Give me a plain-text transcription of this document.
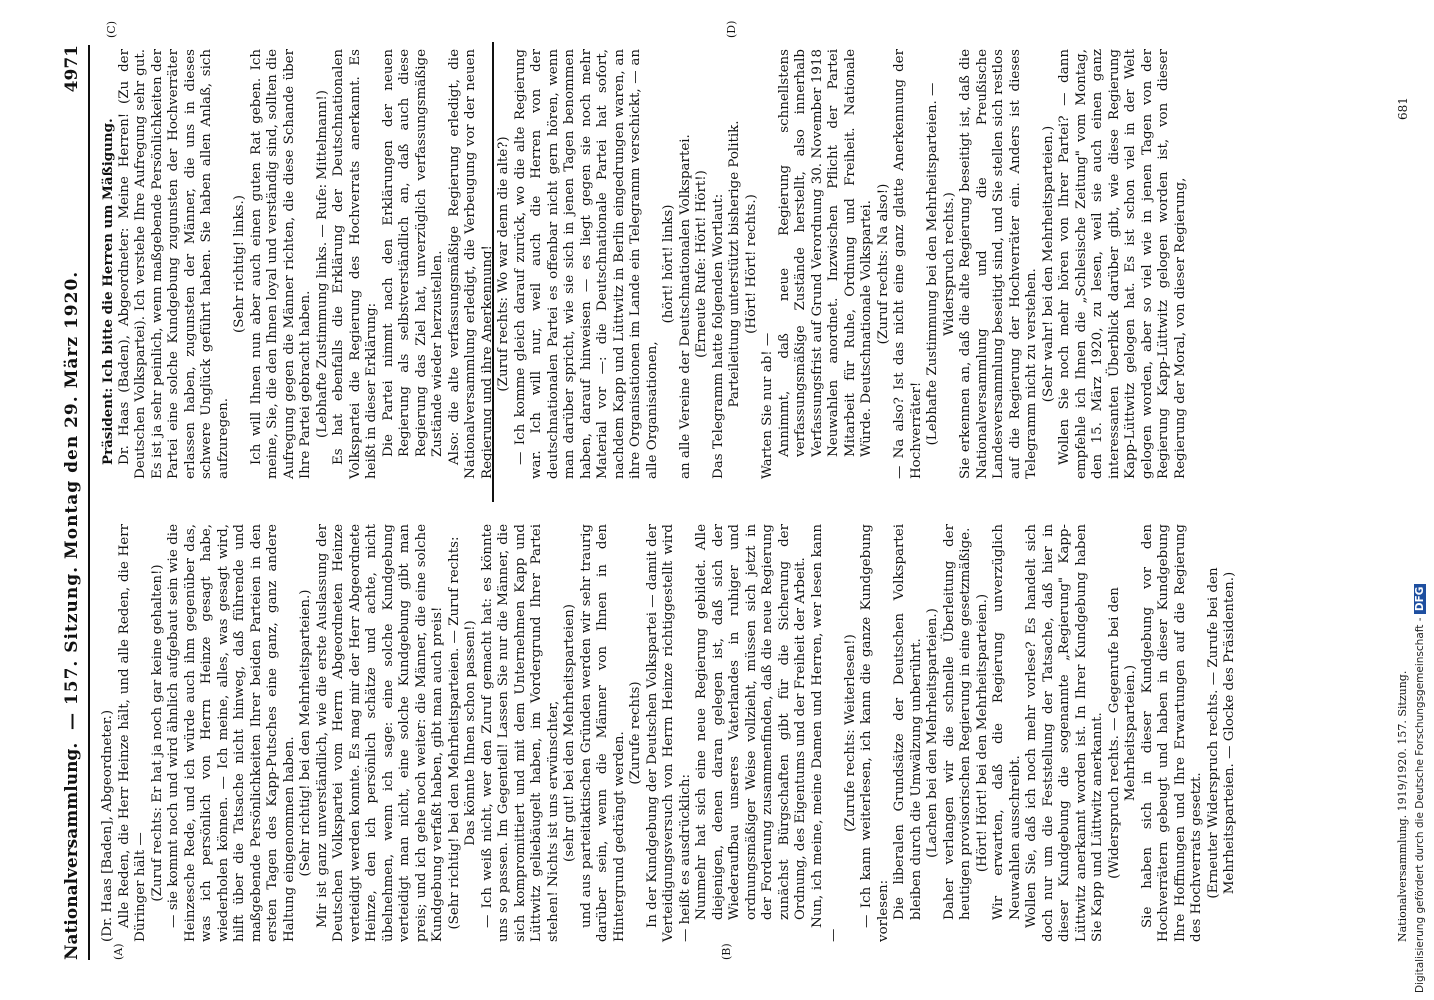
Nationalversammlung.
— 157. Sitzung. Montag den 29. März 1920.
4971
(A)	(B)
(C)	(D)

(Dr. Haas [Baden], Abgeordneter.) Alle Reden, die Herr Heinze hält, und alle Reden, die Herr Düringer hält — (Zuruf rechts: Er hat ja noch gar keine gehalten!) — sie kommt noch und wird ähnlich aufgebaut sein wie die Heinzesche Rede, und ich würde auch ihm gegenüber das, was ich persönlich von Herrn Heinze gesagt habe, wiederholen können. — Ich meine, alles, was gesagt wird, hilft über die Tatsache nicht hinweg, daß führende und maßgebende Persönlichkeiten Ihrer beiden Parteien in den ersten Tagen des Kapp-Putsches eine ganz, ganz andere Haltung eingenommen haben. (Sehr richtig! bei den Mehrheitsparteien.) Mir ist ganz unverständlich, wie die erste Auslassung der Deutschen Volkspartei vom Herrn Abgeordneten Heinze verteidigt werden konnte. Es mag mir der Herr Abgeordnete Heinze, den ich persönlich schätze und achte, nicht übelnehmen, wenn ich sage: eine solche Kundgebung verteidigt man nicht, eine solche Kundgebung gibt man preis; und ich gehe noch weiter: die Männer, die eine solche Kundgebung verfaßt haben, gibt man auch preis! (Sehr richtig! bei den Mehrheitsparteien. — Zuruf rechts: Das könnte Ihnen schon passen!) — Ich weiß nicht, wer den Zuruf gemacht hat: es könnte uns so passen. Im Gegenteil! Lassen Sie nur die Männer, die sich kompromittiert und mit dem Unternehmen Kapp und Lüttwitz geliebäugelt haben, im Vordergrund Ihrer Partei stehen! Nichts ist uns erwünschter, (sehr gut! bei den Mehrheitsparteien) und aus parteitaktischen Gründen werden wir sehr traurig darüber sein, wenn die Männer von Ihnen in den Hintergrund gedrängt werden. (Zurufe rechts) In der Kundgebung der Deutschen Volkspartei — damit der Verteidigungsversuch von Herrn Heinze richtiggestellt wird — heißt es ausdrücklich: Nunmehr hat sich eine neue Regierung gebildet. Alle diejenigen, denen daran gelegen ist, daß sich der Wiederaufbau unseres Vaterlandes in ruhiger und ordnungsmäßiger Weise vollzieht, müssen sich jetzt in der Forderung zusammenfinden, daß die neue Regierung zunächst Bürgschaften gibt für die Sicherung der Ordnung, des Eigentums und der Freiheit der Arbeit. Nun, ich meine, meine Damen und Herren, wer lesen kann —

(Zurufe rechts: Weiterlesen!) — Ich kann weiterlesen, ich kann die ganze Kundgebung vorlesen: Die liberalen Grundsätze der Deutschen Volkspartei bleiben durch die Umwälzung unberührt. (Lachen bei den Mehrheitsparteien.) Daher verlangen wir die schnelle Überleitung der heutigen provisorischen Regierung in eine gesetzmäßige. (Hört! Hört! bei den Mehrheitsparteien.) Wir erwarten, daß die Regierung unverzüglich Neuwahlen ausschreibt. Wollen Sie, daß ich noch mehr vorlese? Es handelt sich doch nur um die Feststellung der Tatsache, daß hier in dieser Kundgebung die sogenannte „Regierung" Kapp-Lüttwitz anerkannt worden ist. In Ihrer Kundgebung haben Sie Kapp und Lüttwitz anerkannt. (Widerspruch rechts. — Gegenrufe bei den Mehrheitsparteien.) Sie haben sich in dieser Kundgebung vor den Hochverrätern gebeugt und haben in dieser Kundgebung Ihre Hoffnungen und Ihre Erwartungen auf die Regierung des Hochverrats gesetzt. (Erneuter Widerspruch rechts. — Zurufe bei den Mehrheitsparteien. — Glocke des Präsidenten.)

Präsident: Ich bitte die Herren um Mäßigung. Dr. Haas (Baden), Abgeordneter: Meine Herren! (Zu der Deutschen Volkspartei). Ich verstehe Ihre Aufregung sehr gut. Es ist ja sehr peinlich, wenn maßgebende Persönlichkeiten der Partei eine solche Kundgebung zugunsten der Hochverräter erlassen haben, zugunsten der Männer, die uns in dieses schwere Unglück geführt haben. Sie haben allen Anlaß, sich aufzuregen.

(Sehr richtig! links.) Ich will Ihnen nun aber auch einen guten Rat geben. Ich meine, Sie, die den Ihnen loyal und verständig sind, sollten die Aufregung gegen die Männer richten, die diese Schande über Ihre Partei gebracht haben. (Lebhafte Zustimmung links. — Rufe: Mittelmann!) Es hat ebenfalls die Erklärung der Deutschnationalen Volkspartei die Regierung des Hochverrats anerkannt. Es heißt in dieser Erklärung: Die Partei nimmt nach den Erklärungen der neuen Regierung als selbstverständlich an, daß auch diese Regierung das Ziel hat, unverzüglich verfassungsmäßige Zustände wieder herzustellen. Also: die alte verfassungsmäßige Regierung erledigt, die Nationalversammlung erledigt, die Verbeugung vor der neuen Regierung und ihre Anerkennung! (Zuruf rechts: Wo war denn die alte?) — Ich komme gleich darauf zurück, wo die alte Regierung war. Ich will nur, weil auch die Herren von der deutschnationalen Partei es offenbar nicht gern hören, wenn man darüber spricht, wie sie sich in jenen Tagen benommen haben, darauf hinweisen — es liegt gegen sie noch mehr Material vor —: die Deutschnationale Partei hat sofort, nachdem Kapp und Lüttwitz in Berlin eingedrungen waren, an ihre Organisationen im Lande ein Telegramm verschickt, — an alle Organisationen,

(hört! hört! links) an alle Vereine der Deutschnationalen Volkspartei. (Erneute Rufe: Hört! Hört!) Das Telegramm hatte folgenden Wortlaut: Parteileitung unterstützt bisherige Politik. (Hört! Hört! rechts.)

Warten Sie nur ab! — Annimmt, daß neue Regierung schnellstens verfassungsmäßige Zustände herstellt, also innerhalb Verfassungsfrist auf Grund Verordnung 30. November 1918 Neuwahlen anordnet. Inzwischen Pflicht der Partei Mitarbeit für Ruhe, Ordnung und Freiheit. Nationale Würde. Deutschnationale Volkspartei. (Zuruf rechts: Na also!) — Na also? Ist das nicht eine ganz glatte Anerkennung der Hochverräter! (Lebhafte Zustimmung bei den Mehrheitsparteien. — Widerspruch rechts.) Sie erkennen an, daß die alte Regierung beseitigt ist, daß die Nationalversammlung und die Preußische Landesversammlung beseitigt sind, und Sie stellen sich restlos auf die Regierung der Hochverräter ein. Anders ist dieses Telegramm nicht zu verstehen. (Sehr wahr! bei den Mehrheitsparteien.) Wollen Sie noch mehr hören von Ihrer Partei? — dann empfehle ich Ihnen die „Schlesische Zeitung" vom Montag, den 15. März 1920, zu lesen, weil sie auch einen ganz interessanten Überblick darüber gibt, wie diese Regierung Kapp-Lüttwitz gelogen hat. Es ist schon viel in der Welt gelogen worden, aber so viel wie in jenen Tagen von der Regierung Kapp-Lüttwitz gelogen worden ist, von dieser Regierung der Moral, von dieser Regierung,

Nationalversammlung. 1919/1920. 157. Sitzung.
681
Digitalisierung gefördert durch die Deutsche Forschungsgemeinschaft - DFG
